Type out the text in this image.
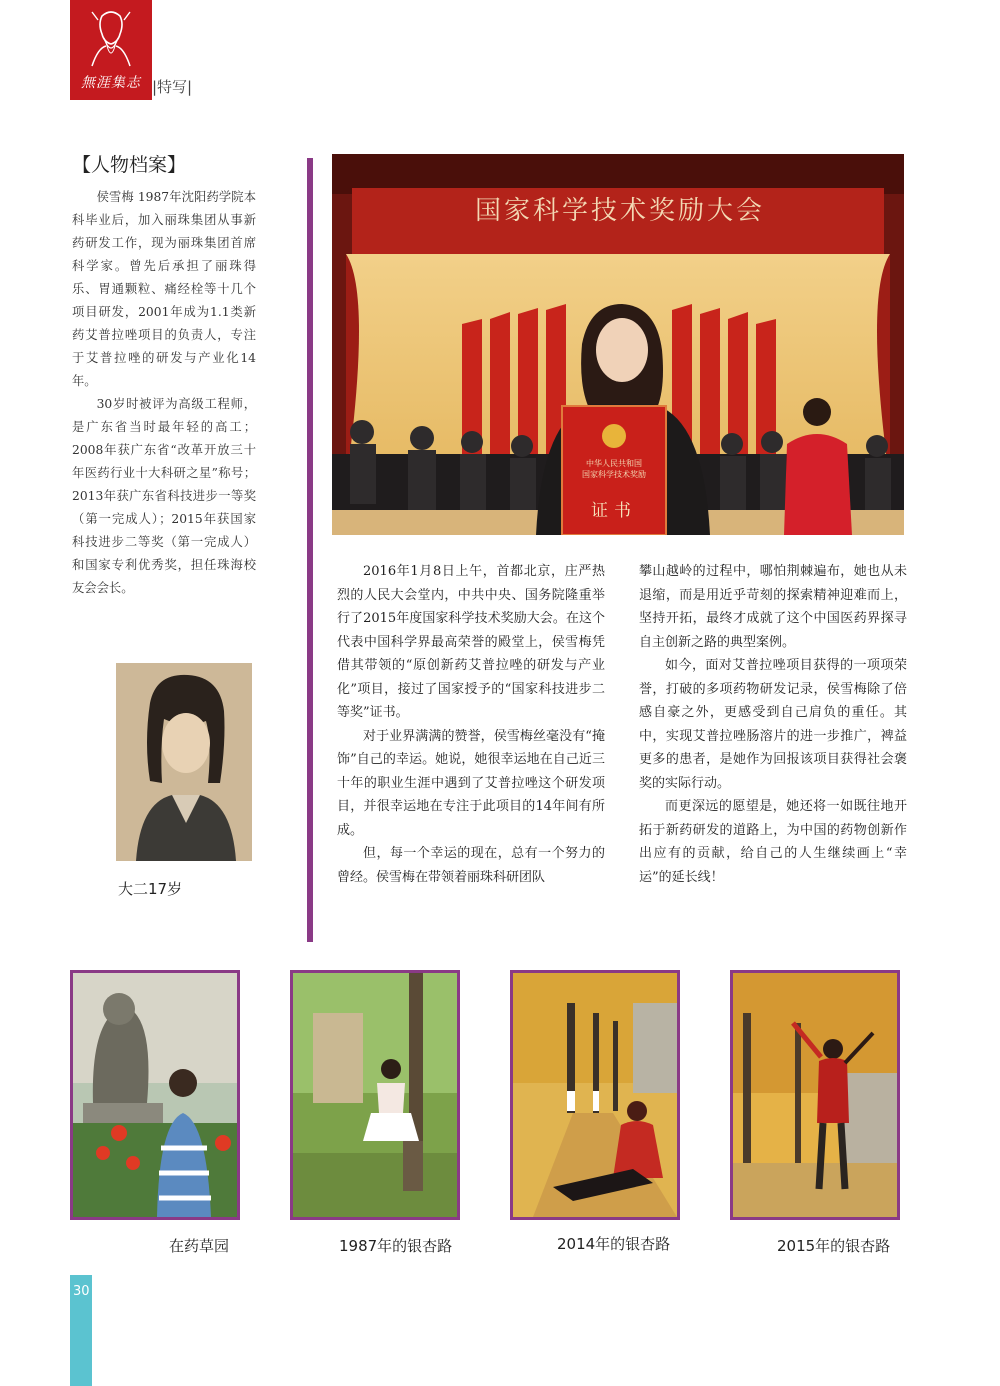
無涯集志 |特写|
【人物档案】

侯雪梅 1987年沈阳药学院本科毕业后，加入丽珠集团从事新药研发工作，现为丽珠集团首席科学家。曾先后承担了丽珠得乐、胃通颗粒、痛经栓等十几个项目研发，2001年成为1.1类新药艾普拉唑项目的负责人，专注于艾普拉唑的研发与产业化14年。

30岁时被评为高级工程师，是广东省当时最年轻的高工；2008年获广东省“改革开放三十年医药行业十大科研之星”称号；2013年获广东省科技进步一等奖（第一完成人）；2015年获国家科技进步二等奖（第一完成人）和国家专利优秀奖，担任珠海校友会会长。

大二17岁
国家科学技术奖励大会
中华人民共和国
国家科学技术奖励
证书

2016年1月8日上午，首都北京，庄严热烈的人民大会堂内，中共中央、国务院隆重举行了2015年度国家科学技术奖励大会。在这个代表中国科学界最高荣誉的殿堂上，侯雪梅凭借其带领的“原创新药艾普拉唑的研发与产业化”项目，接过了国家授予的“国家科技进步二等奖”证书。

对于业界满满的赞誉，侯雪梅丝毫没有“掩饰”自己的幸运。她说，她很幸运地在自己近三十年的职业生涯中遇到了艾普拉唑这个研发项目，并很幸运地在专注于此项目的14年间有所成。

但，每一个幸运的现在，总有一个努力的曾经。侯雪梅在带领着丽珠科研团队

攀山越岭的过程中，哪怕荆棘遍布，她也从未退缩，而是用近乎苛刻的探索精神迎难而上，坚持开拓，最终才成就了这个中国医药界探寻自主创新之路的典型案例。

如今，面对艾普拉唑项目获得的一项项荣誉，打破的多项药物研发记录，侯雪梅除了倍感自豪之外，更感受到自己肩负的重任。其中，实现艾普拉唑肠溶片的进一步推广，裨益更多的患者，是她作为回报该项目获得社会褒奖的实际行动。

而更深远的愿望是，她还将一如既往地开拓于新药研发的道路上，为中国的药物创新作出应有的贡献，给自己的人生继续画上“幸运”的延长线！

在药草园	1987年的银杏路	2014年的银杏路	2015年的银杏路
30
